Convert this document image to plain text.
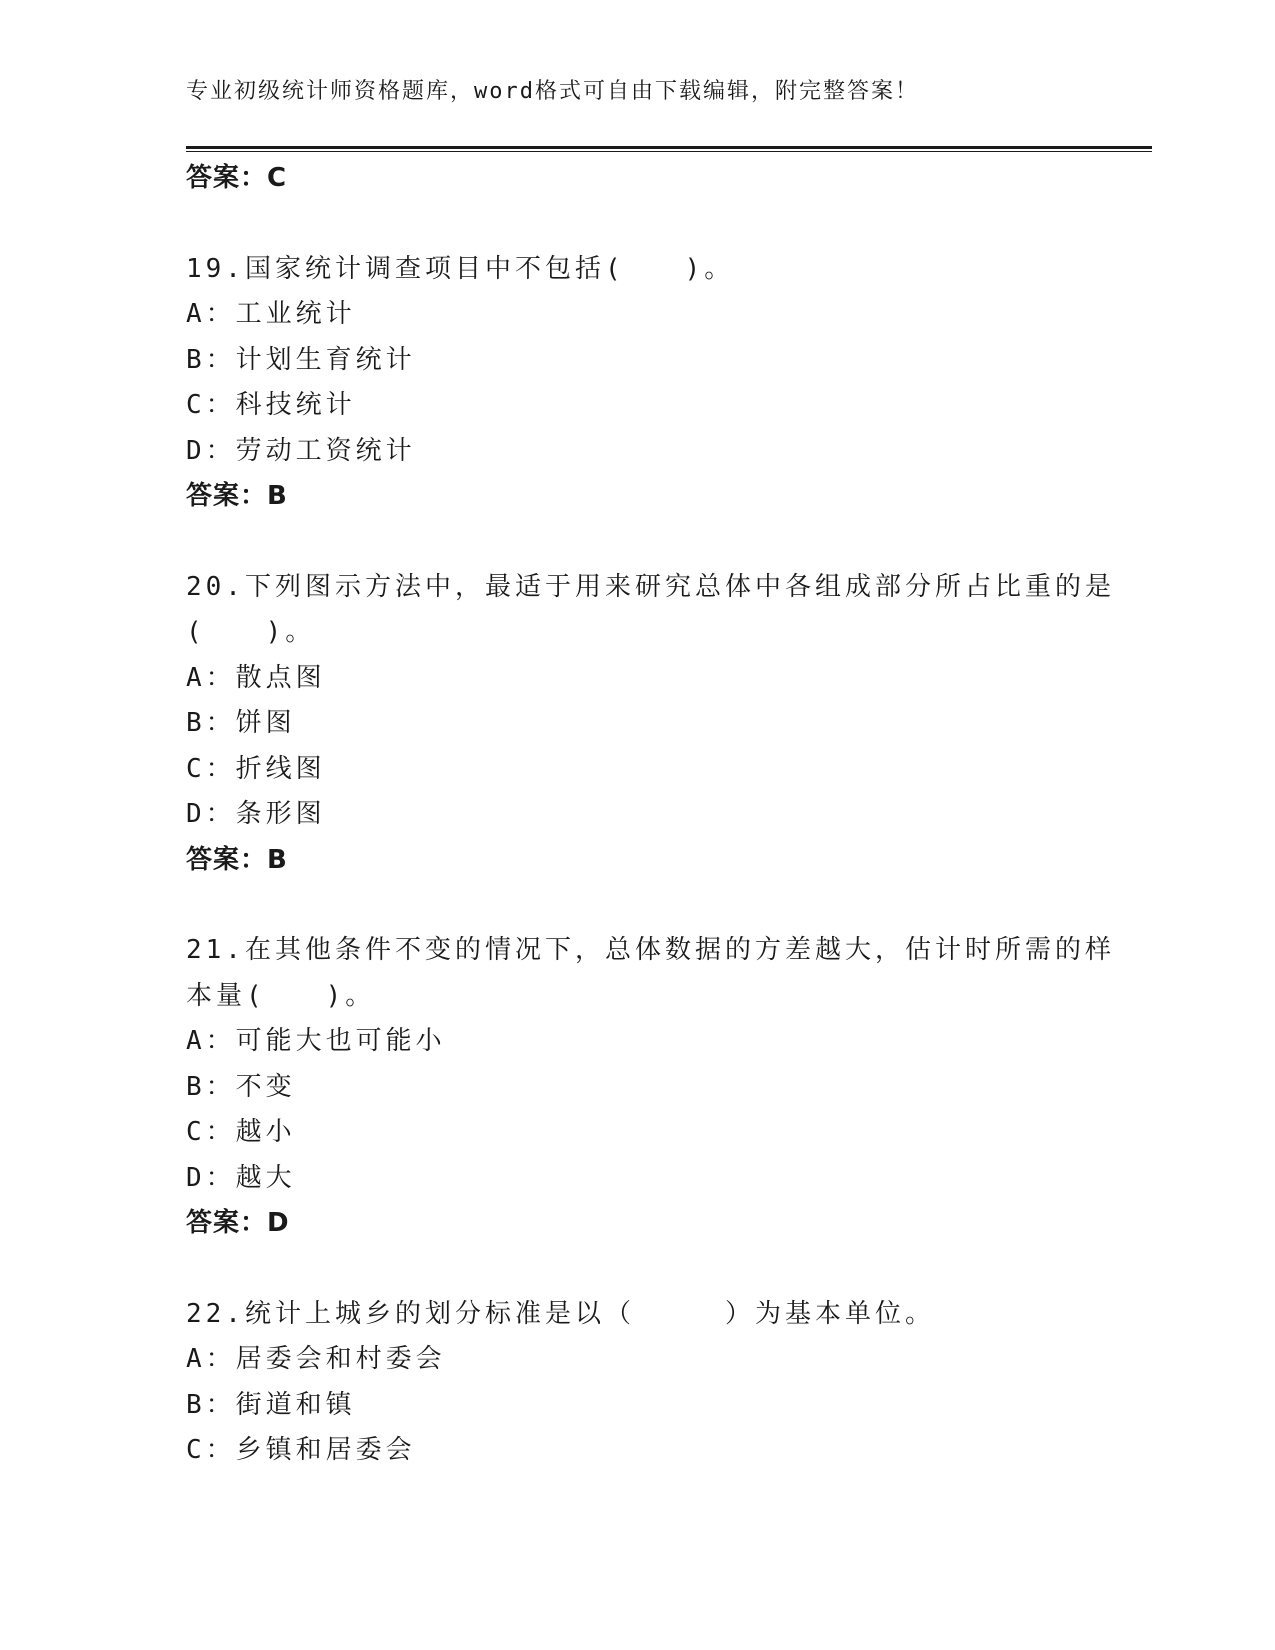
专业初级统计师资格题库，word格式可自由下载编辑，附完整答案！
答案：C
19.国家统计调查项目中不包括(　　)。
A：工业统计
B：计划生育统计
C：科技统计
D：劳动工资统计
答案：B
20.下列图示方法中，最适于用来研究总体中各组成部分所占比重的是
(　　)。
A：散点图
B：饼图
C：折线图
D：条形图
答案：B
21.在其他条件不变的情况下，总体数据的方差越大，估计时所需的样
本量(　　)。
A：可能大也可能小
B：不变
C：越小
D：越大
答案：D
22.统计上城乡的划分标准是以（　　　）为基本单位。
A：居委会和村委会
B：街道和镇
C：乡镇和居委会
